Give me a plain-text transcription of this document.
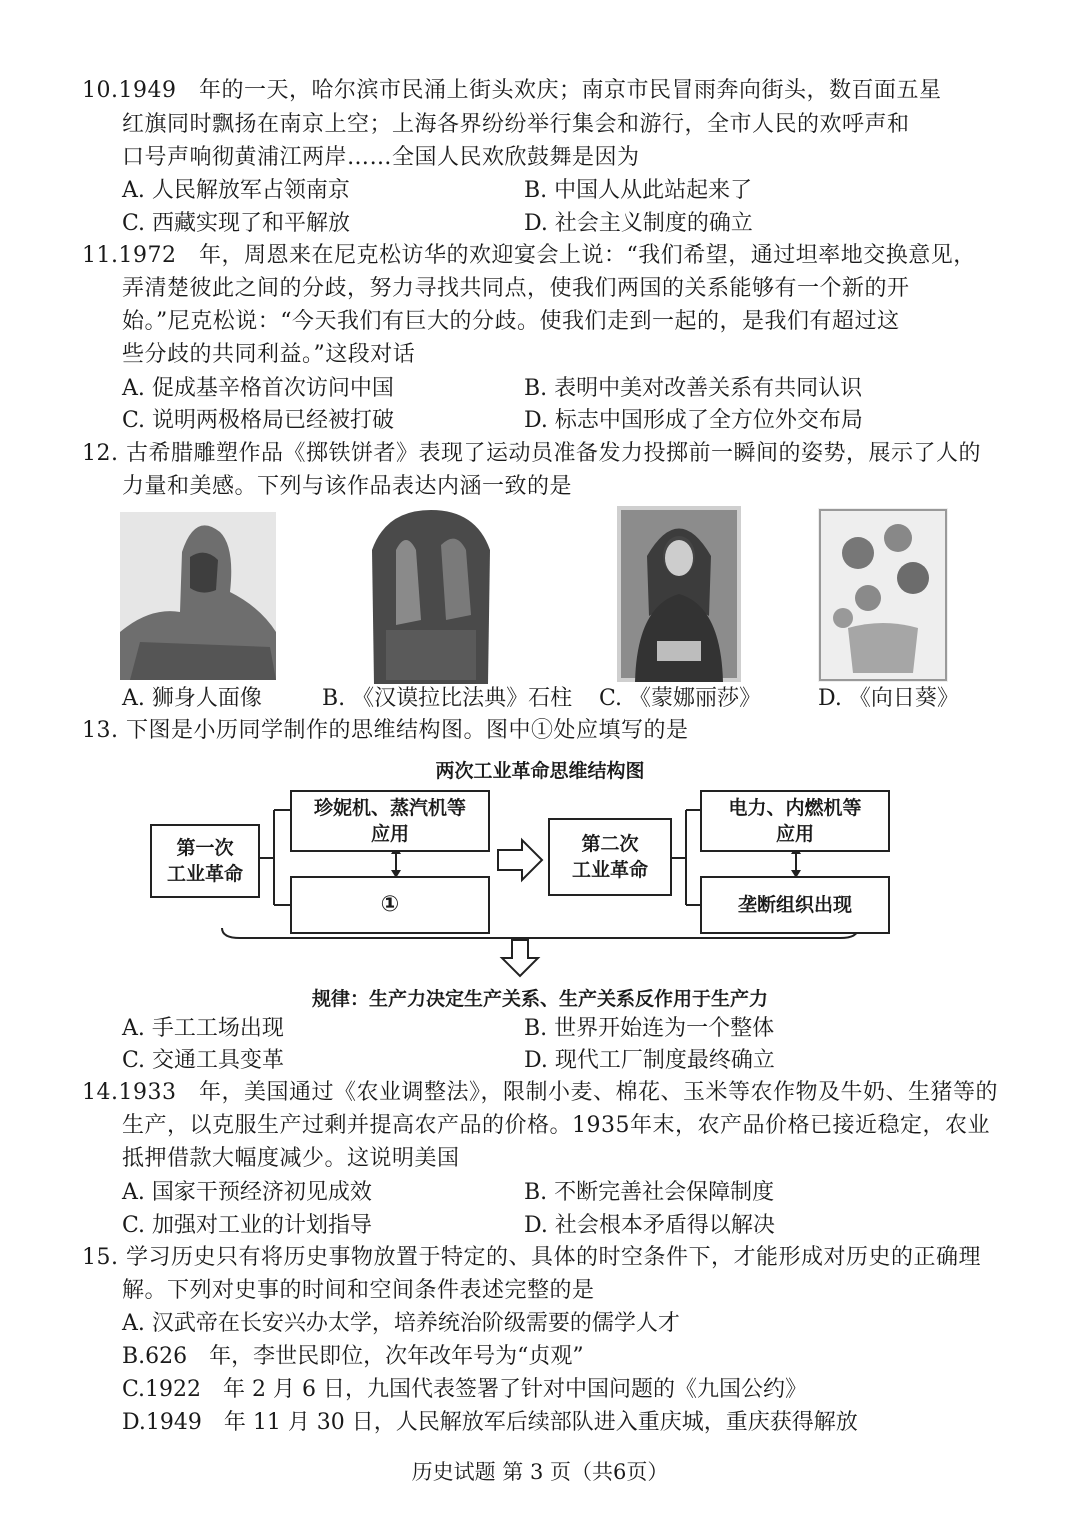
10.1949　年的一天，哈尔滨市民涌上街头欢庆；南京市民冒雨奔向街头，数百面五星
红旗同时飘扬在南京上空；上海各界纷纷举行集会和游行，全市人民的欢呼声和
口号声响彻黄浦江两岸……全国人民欢欣鼓舞是因为
A. 人民解放军占领南京	B. 中国人从此站起来了
C. 西藏实现了和平解放	D. 社会主义制度的确立
11.1972　年，周恩来在尼克松访华的欢迎宴会上说：“我们希望，通过坦率地交换意见，
弄清楚彼此之间的分歧，努力寻找共同点，使我们两国的关系能够有一个新的开
始。”尼克松说：“今天我们有巨大的分歧。使我们走到一起的，是我们有超过这
些分歧的共同利益。”这段对话
A. 促成基辛格首次访问中国	B. 表明中美对改善关系有共同认识
C. 说明两极格局已经被打破	D. 标志中国形成了全方位外交布局
12. 古希腊雕塑作品《掷铁饼者》表现了运动员准备发力投掷前一瞬间的姿势，展示了人的
力量和美感。下列与该作品表达内涵一致的是
A. 狮身人面像	B. 《汉谟拉比法典》石柱 C. 《蒙娜丽莎》	D. 《向日葵》
13. 下图是小历同学制作的思维结构图。图中①处应填写的是
两次工业革命思维结构图
第一次
工业革命
珍妮机、蒸汽机等
应用
①
第二次
工业革命
电力、内燃机等
应用
垄断组织出现
规律：生产力决定生产关系、生产关系反作用于生产力
A. 手工工场出现	B. 世界开始连为一个整体
C. 交通工具变革	D. 现代工厂制度最终确立
14.1933　年，美国通过《农业调整法》，限制小麦、棉花、玉米等农作物及牛奶、生猪等的
生产，以克服生产过剩并提高农产品的价格。1935年末，农产品价格已接近稳定，农业
抵押借款大幅度减少。这说明美国
A. 国家干预经济初见成效	B. 不断完善社会保障制度
C. 加强对工业的计划指导	D. 社会根本矛盾得以解决
15. 学习历史只有将历史事物放置于特定的、具体的时空条件下，才能形成对历史的正确理
解。下列对史事的时间和空间条件表述完整的是
A. 汉武帝在长安兴办太学，培养统治阶级需要的儒学人才
B.626　年，李世民即位，次年改年号为“贞观”
C.1922　年 2 月 6 日，九国代表签署了针对中国问题的《九国公约》
D.1949　年 11 月 30 日，人民解放军后续部队进入重庆城，重庆获得解放
历史试题 第 3 页（共6页）
